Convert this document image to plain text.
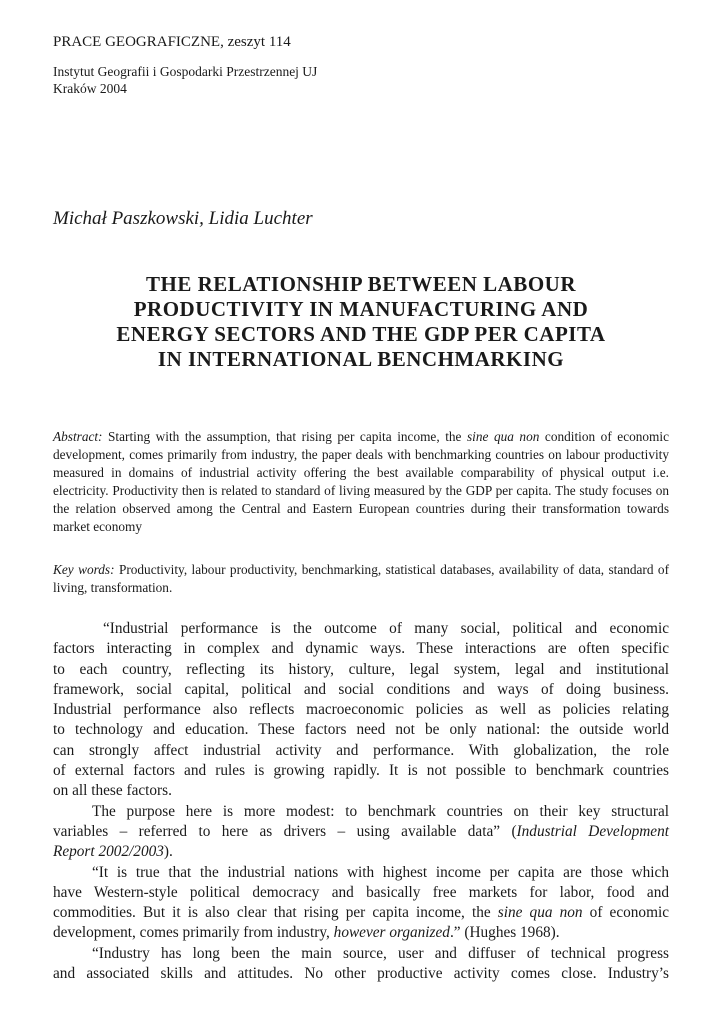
PRACE GEOGRAFICZNE, zeszyt 114
Instytut Geografii i Gospodarki Przestrzennej UJ
Kraków 2004
Michał Paszkowski, Lidia Luchter
THE RELATIONSHIP BETWEEN LABOUR
PRODUCTIVITY IN MANUFACTURING AND
ENERGY SECTORS AND THE GDP PER CAPITA
IN INTERNATIONAL BENCHMARKING
Abstract: Starting with the assumption, that rising per capita income, the sine qua non condition of economic development, comes primarily from industry, the paper deals with benchmarking countries on labour productivity measured in domains of industrial activity offering the best available comparability of physical output i.e. electricity. Productivity then is related to standard of living measured by the GDP per capita. The study focuses on the relation observed among the Central and Eastern European countries during their transformation towards market economy
Key words: Productivity, labour productivity, benchmarking, statistical databases, availability of data, standard of living, transformation.
“Industrial performance is the outcome of many social, political and economic
factors interacting in complex and dynamic ways. These interactions are often specific
to each country, reflecting its history, culture, legal system, legal and institutional
framework, social capital, political and social conditions and ways of doing business.
Industrial performance also reflects macroeconomic policies as well as policies relating
to technology and education. These factors need not be only national: the outside world
can strongly affect industrial activity and performance. With globalization, the role
of external factors and rules is growing rapidly. It is not possible to benchmark countries
on all these factors.
The purpose here is more modest: to benchmark countries on their key structural
variables – referred to here as drivers – using available data” (Industrial Development
Report 2002/2003).
“It is true that the industrial nations with highest income per capita are those which
have Western-style political democracy and basically free markets for labor, food and
commodities. But it is also clear that rising per capita income, the sine qua non of economic
development, comes primarily from industry, however organized.” (Hughes 1968).
“Industry has long been the main source, user and diffuser of technical progress
and associated skills and attitudes. No other productive activity comes close. Industry’s
